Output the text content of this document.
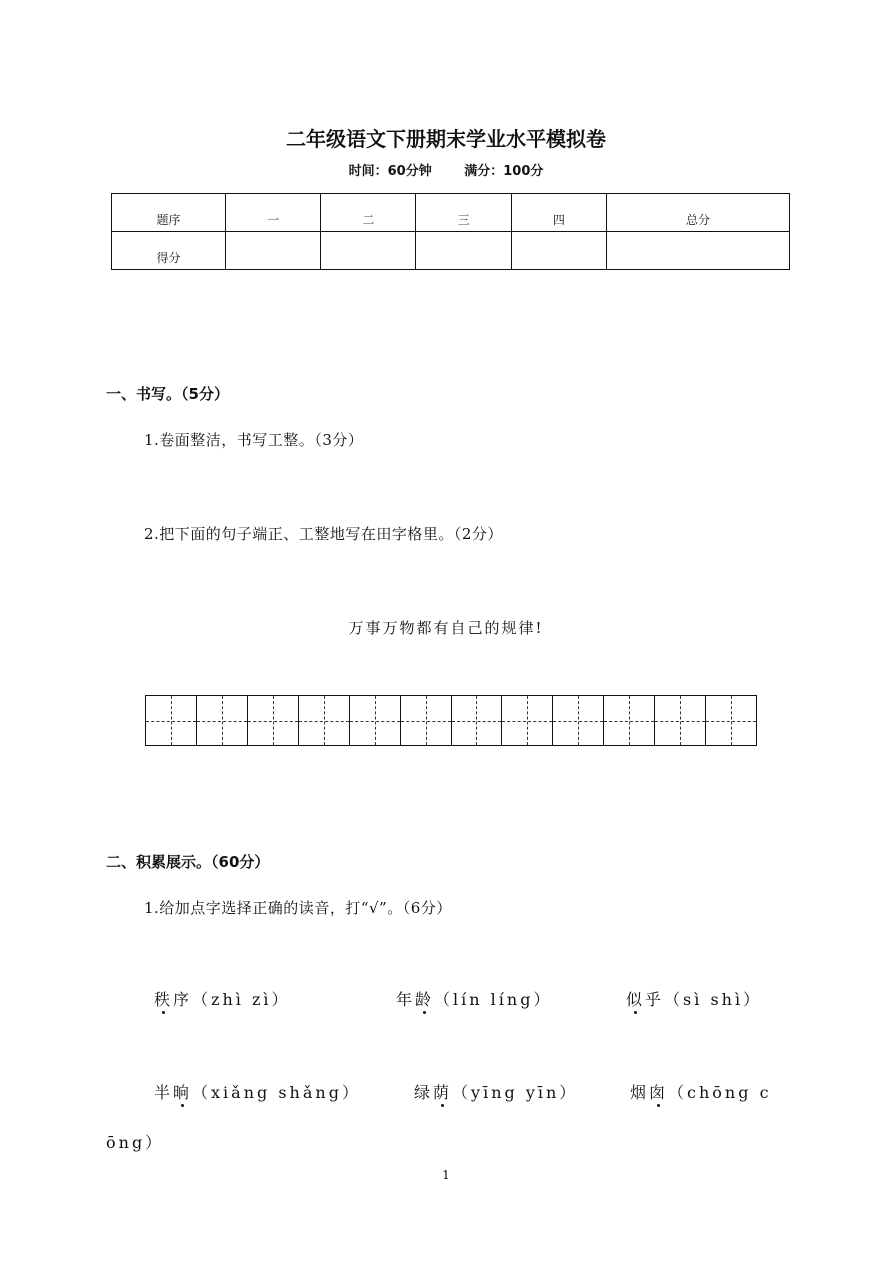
二年级语文下册期末学业水平模拟卷
时间：60分钟	满分：100分
题序	一	二	三	四	总分
得分					
一、书写。（5分）
1.卷面整洁，书写工整。（3分）
2.把下面的句子端正、工整地写在田字格里。（2分）
万事万物都有自己的规律!
二、积累展示。（60分）
1.给加点字选择正确的读音，打“√”。（6分）
秩序（zhì zì）	年龄（lín líng）	似乎（sì shì）
半晌（xiǎng shǎng）	绿荫（yīng yīn）	烟囱（chōng c
ōng）
1
